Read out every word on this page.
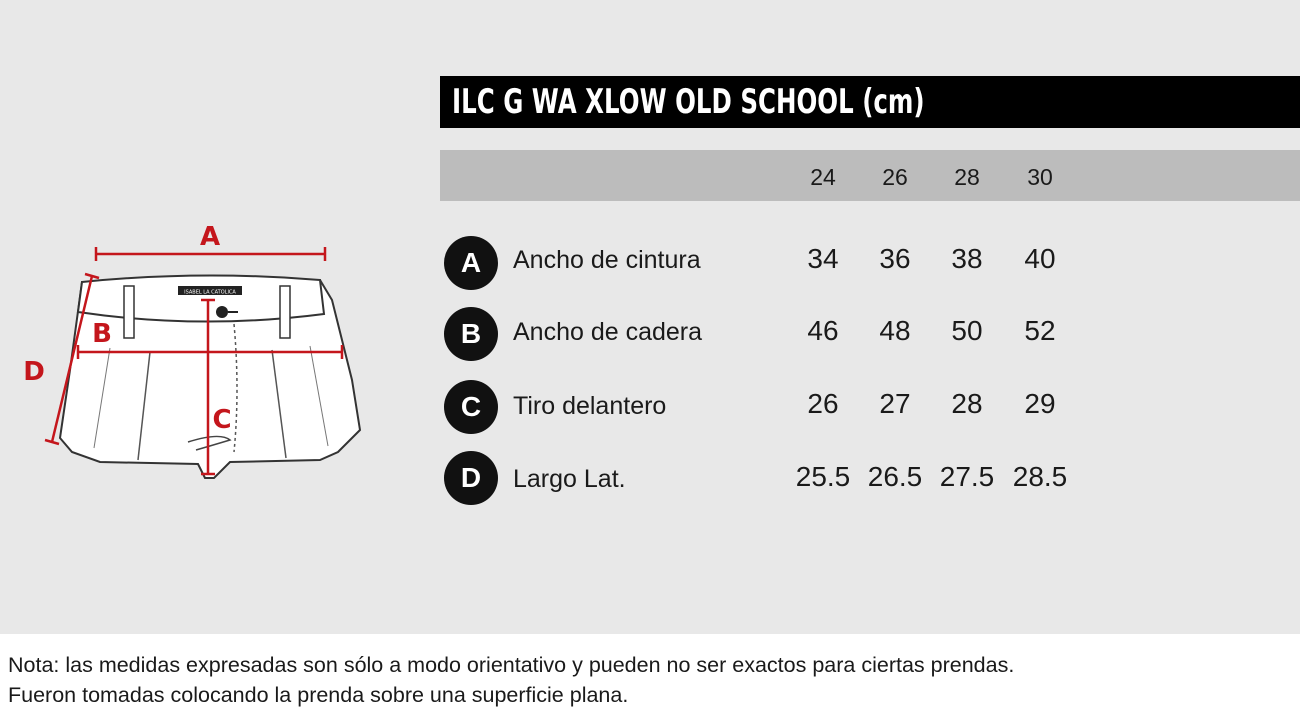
ISABEL LA CATOLICA
A
B
C
D
ILC G WA XLOW OLD SCHOOL (cm)
24	26	28	30
A	Ancho de cintura	34	36	38	40
B	Ancho de cadera	46	48	50	52
C	Tiro delantero	26	27	28	29
D	Largo Lat.	25.5 26.5 27.5 28.5
Nota: las medidas expresadas son sólo a modo orientativo y pueden no ser exactos para ciertas prendas.
Fueron tomadas colocando la prenda sobre una superficie plana.
